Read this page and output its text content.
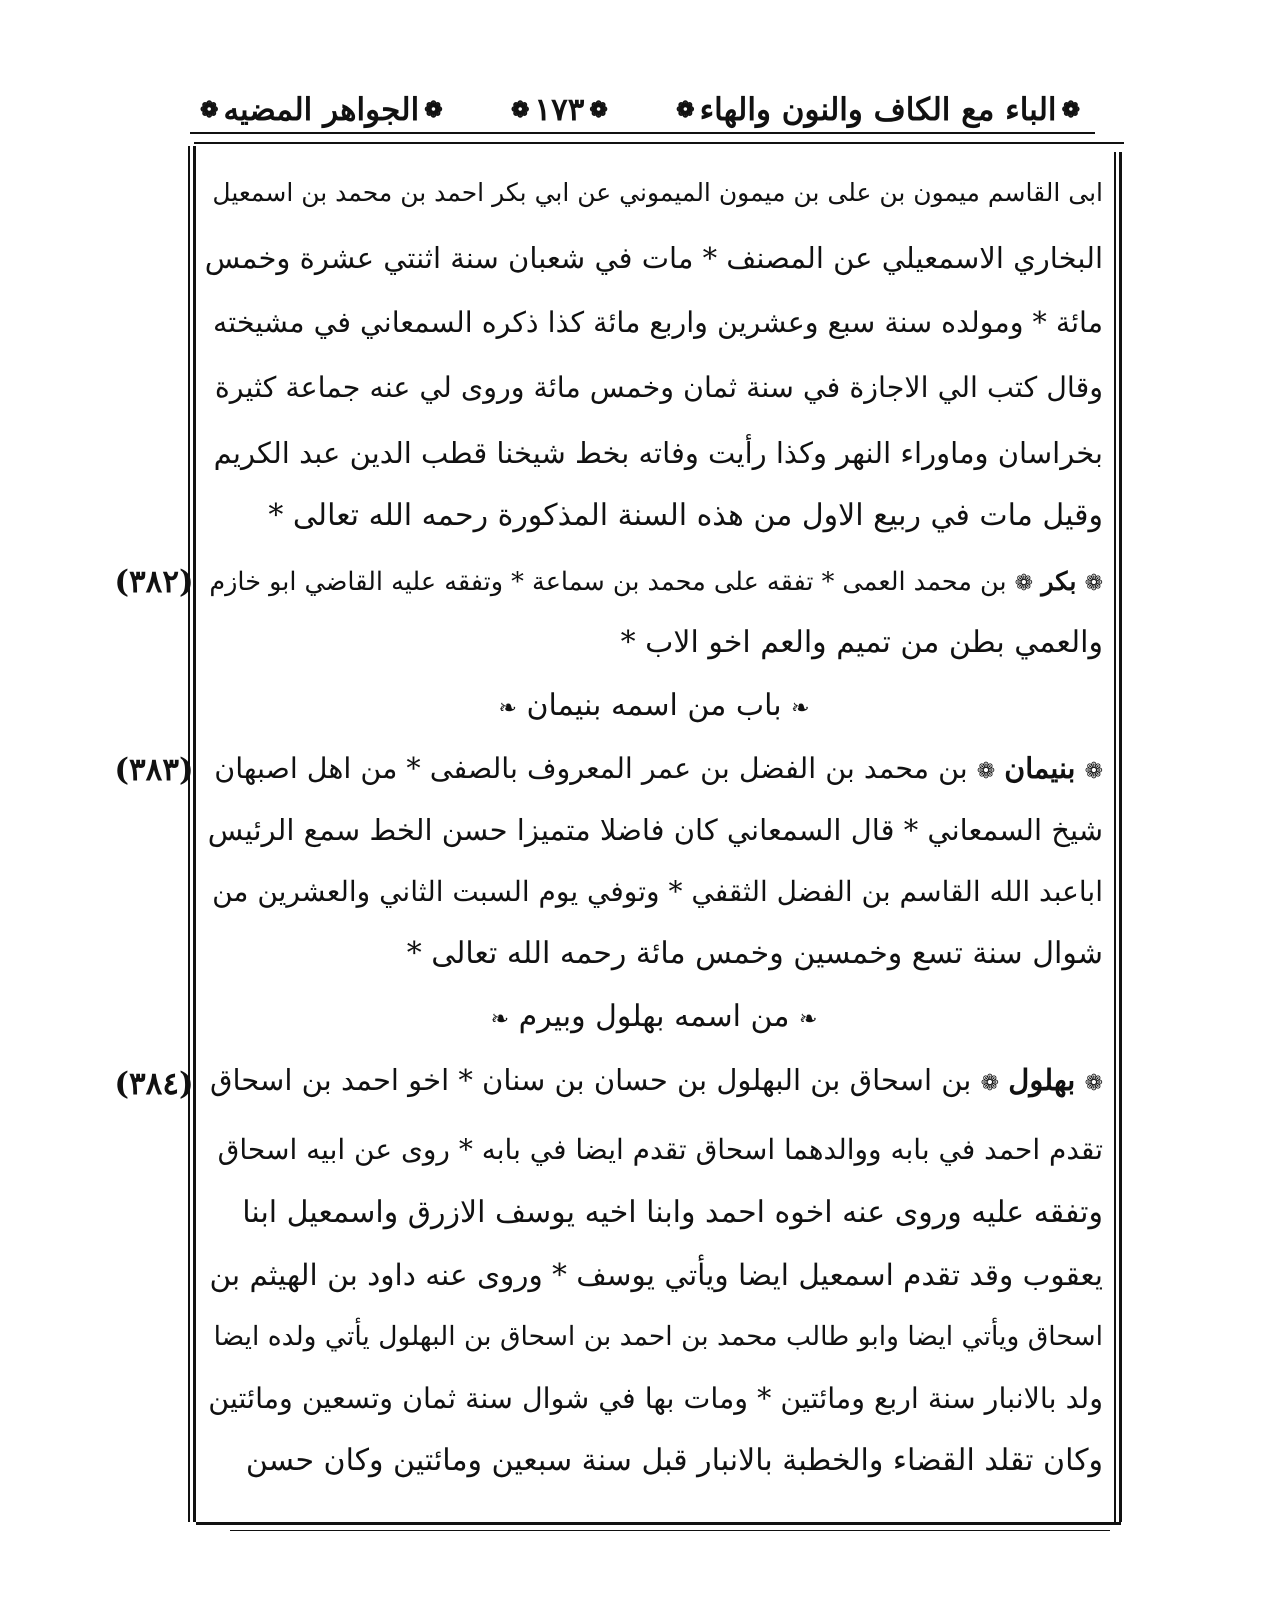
❁
الباء مع الكاف والنون والهاء
❁
❁
١٧٣
❁
❁
الجواهر المضيه
❁
ابى القاسم ميمون بن على بن ميمون الميموني عن ابي بكر احمد بن محمد بن اسمعيل
البخاري الاسمعيلي عن المصنف * مات في شعبان سنة اثنتي عشرة وخمس
مائة * ومولده سنة سبع وعشرين واربع مائة كذا ذكره السمعاني في مشيخته
وقال كتب الي الاجازة في سنة ثمان وخمس مائة وروى لي عنه جماعة كثيرة
بخراسان وماوراء النهر وكذا رأيت وفاته بخط شيخنا قطب الدين عبد الكريم
وقيل مات في ربيع الاول من هذه السنة المذكورة رحمه الله تعالى *
❁ بكر ❁ بن محمد العمى * تفقه على محمد بن سماعة * وتفقه عليه القاضي ابو خازم
(٣٨٢)
والعمي بطن من تميم والعم اخو الاب *
❧ باب من اسمه بنيمان ❧
❁ بنيمان ❁ بن محمد بن الفضل بن عمر المعروف بالصفى * من اهل اصبهان
(٣٨٣)
شيخ السمعاني * قال السمعاني كان فاضلا متميزا حسن الخط سمع الرئيس
اباعبد الله القاسم بن الفضل الثقفي * وتوفي يوم السبت الثاني والعشرين من
شوال سنة تسع وخمسين وخمس مائة رحمه الله تعالى *
❧ من اسمه بهلول وبيرم ❧
❁ بهلول ❁ بن اسحاق بن البهلول بن حسان بن سنان * اخو احمد بن اسحاق
(٣٨٤)
تقدم احمد في بابه ووالدهما اسحاق تقدم ايضا في بابه * روى عن ابيه اسحاق
وتفقه عليه وروى عنه اخوه احمد وابنا اخيه يوسف الازرق واسمعيل ابنا
يعقوب وقد تقدم اسمعيل ايضا ويأتي يوسف * وروى عنه داود بن الهيثم بن
اسحاق ويأتي ايضا وابو طالب محمد بن احمد بن اسحاق بن البهلول يأتي ولده ايضا
ولد بالانبار سنة اربع ومائتين * ومات بها في شوال سنة ثمان وتسعين ومائتين
وكان تقلد القضاء والخطبة بالانبار قبل سنة سبعين ومائتين وكان حسن
